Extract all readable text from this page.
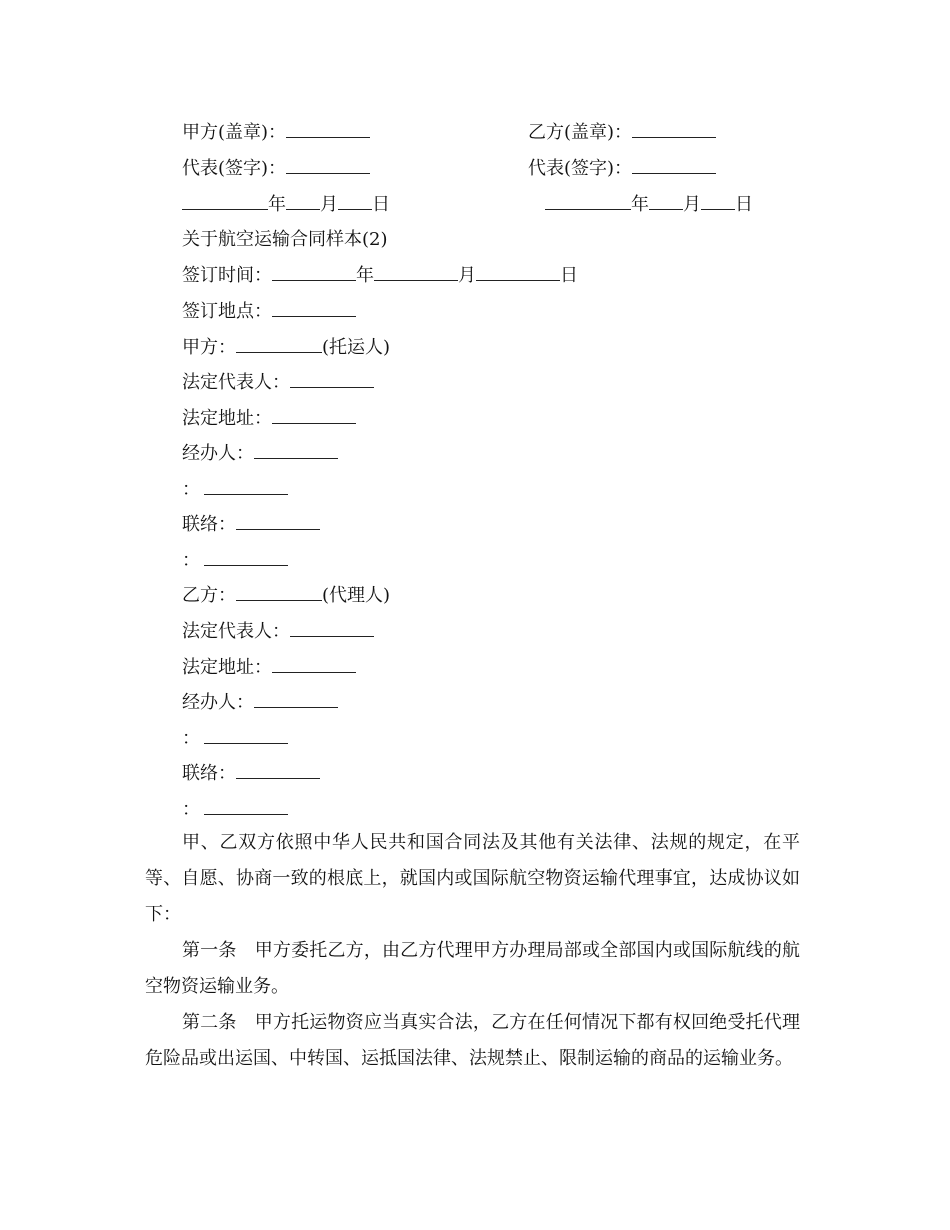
甲方(盖章)：	乙方(盖章)：
代表(签字)：	代表(签字)：
年 月 日	年 月 日
关于航空运输合同样本(2)
签订时间：	年	月	日
签订地点：
甲方：	(托运人)
法定代表人：
法定地址：
经办人：
：
联络：
：
乙方：	(代理人)
法定代表人：
法定地址：
经办人：
：
联络：
：
甲、乙双方依照中华人民共和国合同法及其他有关法律、法规的规定，在平等、自愿、协商一致的根底上，就国内或国际航空物资运输代理事宜，达成协议如下：
第一条　甲方委托乙方，由乙方代理甲方办理局部或全部国内或国际航线的航空物资运输业务。
第二条　甲方托运物资应当真实合法，乙方在任何情况下都有权回绝受托代理危险品或出运国、中转国、运抵国法律、法规禁止、限制运输的商品的运输业务。
